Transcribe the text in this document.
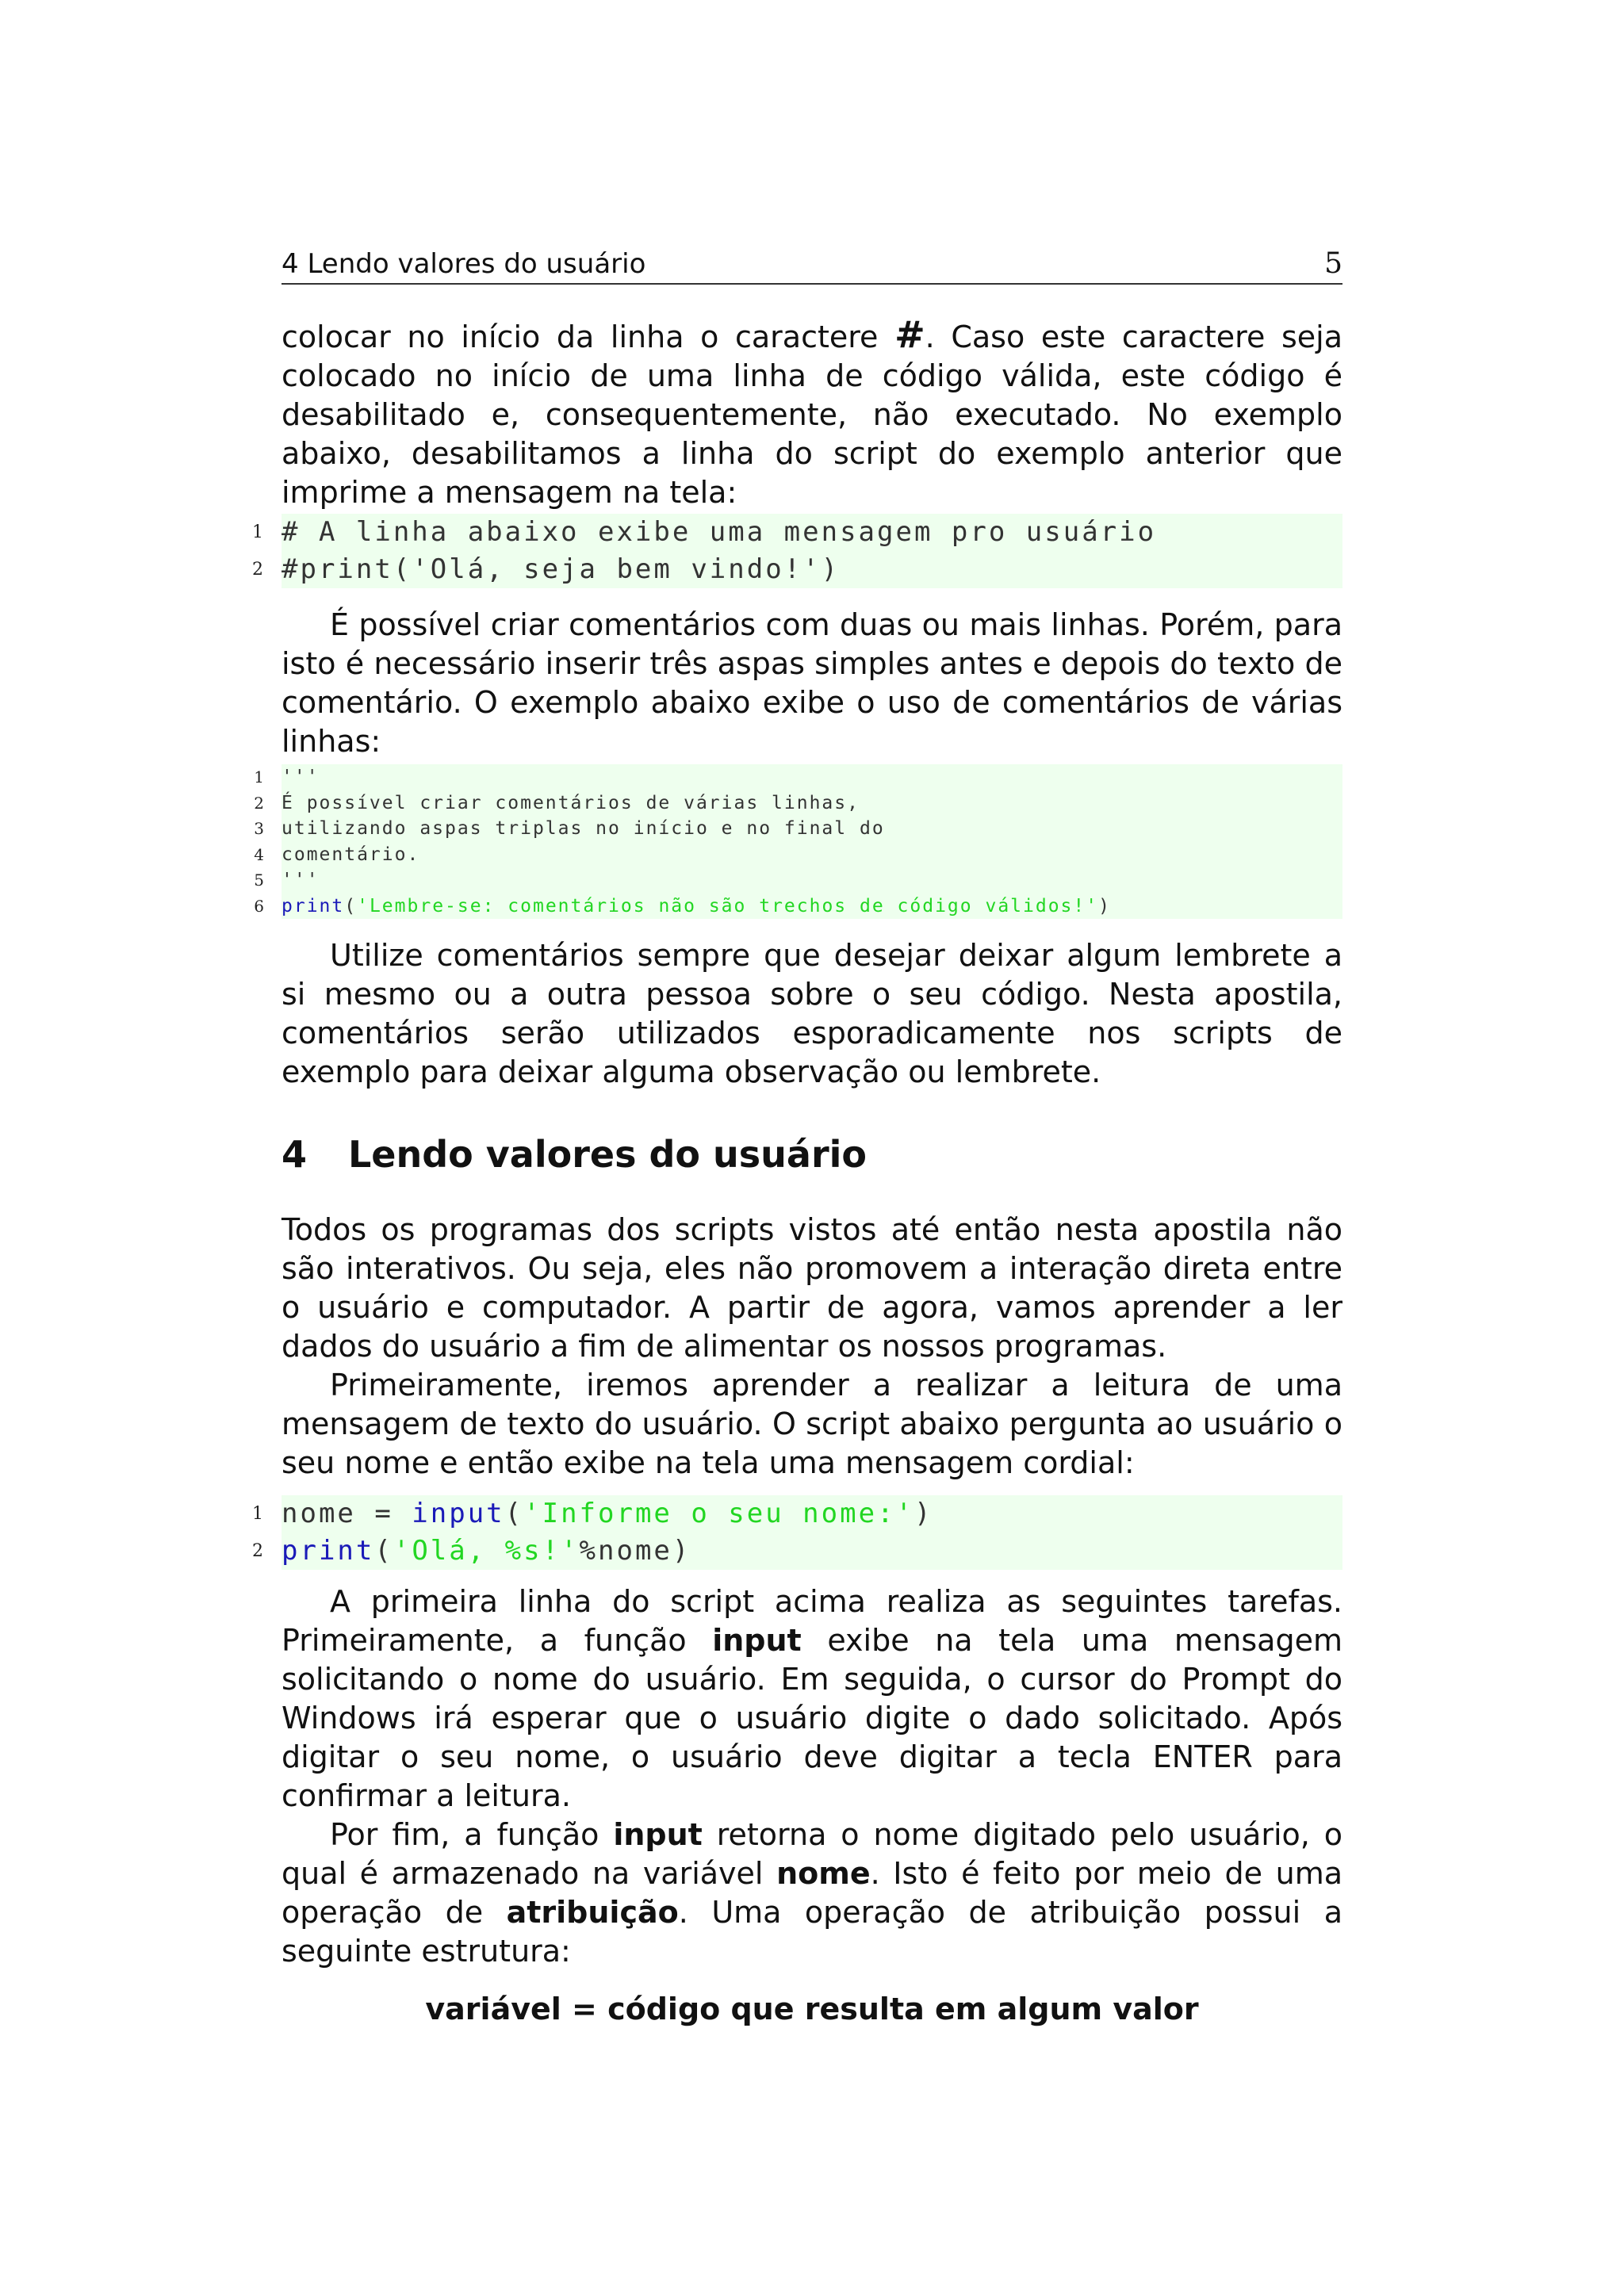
4 Lendo valores do usuário	5

colocar no início da linha o caractere #. Caso este caractere seja colocado no início de uma linha de código válida, este código é desabilitado e, consequentemente, não executado. No exemplo abaixo, desabilitamos a linha do script do exemplo anterior que imprime a mensagem na tela:

1 # A linha abaixo exibe uma mensagem pro usuário
2 #print('Olá, seja bem vindo!')

É possível criar comentários com duas ou mais linhas. Porém, para isto é necessário inserir três aspas simples antes e depois do texto de comentário. O exemplo abaixo exibe o uso de comentários de várias linhas:

1 '''
2 É possível criar comentários de várias linhas,
3 utilizando aspas triplas no início e no final do
4 comentário.
5 '''
6 print('Lembre-se: comentários não são trechos de código válidos!')

Utilize comentários sempre que desejar deixar algum lembrete a si mesmo ou a outra pessoa sobre o seu código. Nesta apostila, comentários serão utilizados esporadicamente nos scripts de exemplo para deixar alguma observação ou lembrete.

4	Lendo valores do usuário

Todos os programas dos scripts vistos até então nesta apostila não são interativos. Ou seja, eles não promovem a interação direta entre o usuário e computador. A partir de agora, vamos aprender a ler dados do usuário a fim de alimentar os nossos programas.

Primeiramente, iremos aprender a realizar a leitura de uma mensagem de texto do usuário. O script abaixo pergunta ao usuário o seu nome e então exibe na tela uma mensagem cordial:

1 nome = input('Informe o seu nome:')
2 print('Olá, %s!'%nome)

A primeira linha do script acima realiza as seguintes tarefas. Primeiramente, a função input exibe na tela uma mensagem solicitando o nome do usuário. Em seguida, o cursor do Prompt do Windows irá esperar que o usuário digite o dado solicitado. Após digitar o seu nome, o usuário deve digitar a tecla ENTER para confirmar a leitura.

Por fim, a função input retorna o nome digitado pelo usuário, o qual é armazenado na variável nome. Isto é feito por meio de uma operação de atribuição. Uma operação de atribuição possui a seguinte estrutura:

variável = código que resulta em algum valor
